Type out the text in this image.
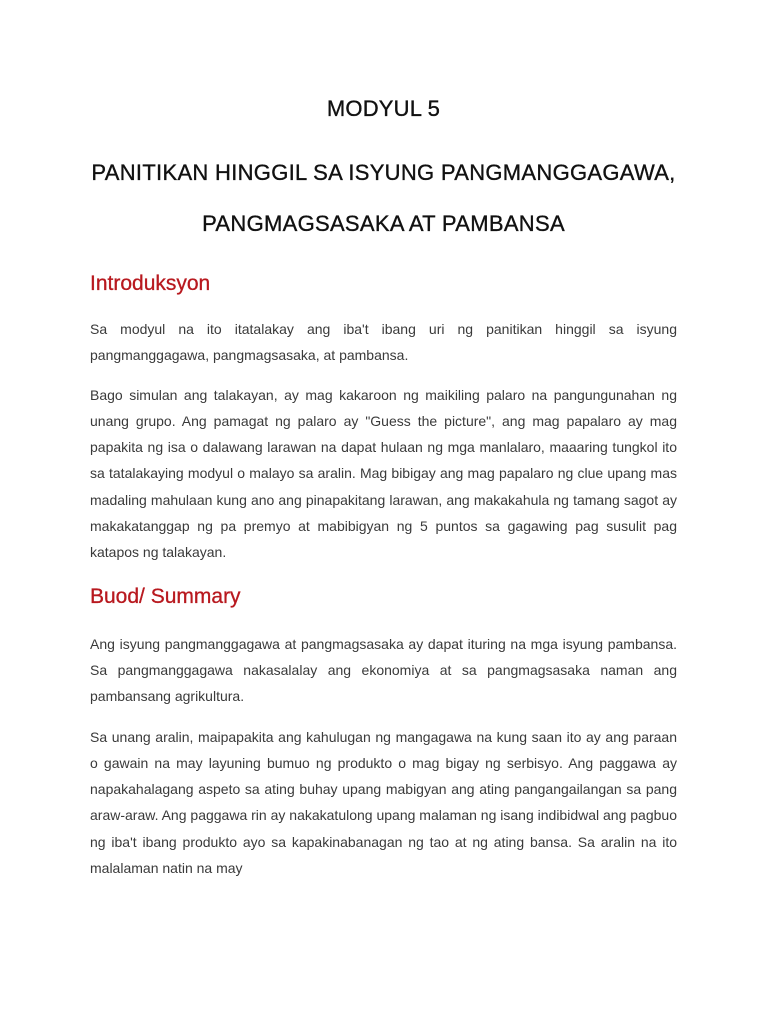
MODYUL 5
PANITIKAN HINGGIL SA ISYUNG PANGMANGGAGAWA, PANGMAGSASAKA AT PAMBANSA
Introduksyon

Sa modyul na ito itatalakay ang iba't ibang uri ng panitikan hinggil sa isyung pangmanggagawa, pangmagsasaka, at pambansa.

Bago simulan ang talakayan, ay mag kakaroon ng maikiling palaro na pangungunahan ng unang grupo. Ang pamagat ng palaro ay "Guess the picture", ang mag papalaro ay mag papakita ng isa o dalawang larawan na dapat hulaan ng mga manlalaro, maaaring tungkol ito sa tatalakaying modyul o malayo sa aralin. Mag bibigay ang mag papalaro ng clue upang mas madaling mahulaan kung ano ang pinapakitang larawan, ang makakahula ng tamang sagot ay makakatanggap ng pa premyo at mabibigyan ng 5 puntos sa gagawing pag susulit pag katapos ng talakayan.

Buod/ Summary

Ang isyung pangmanggagawa at pangmagsasaka ay dapat ituring na mga isyung pambansa. Sa pangmanggagawa nakasalalay ang ekonomiya at sa pangmagsasaka naman ang pambansang agrikultura.

Sa unang aralin, maipapakita ang kahulugan ng mangagawa na kung saan ito ay ang paraan o gawain na may layuning bumuo ng produkto o mag bigay ng serbisyo. Ang paggawa ay napakahalagang aspeto sa ating buhay upang mabigyan ang ating pangangailangan sa pang araw-araw. Ang paggawa rin ay nakakatulong upang malaman ng isang indibidwal ang pagbuo ng iba't ibang produkto ayo sa kapakinabanagan ng tao at ng ating bansa. Sa aralin na ito malalaman natin na may
